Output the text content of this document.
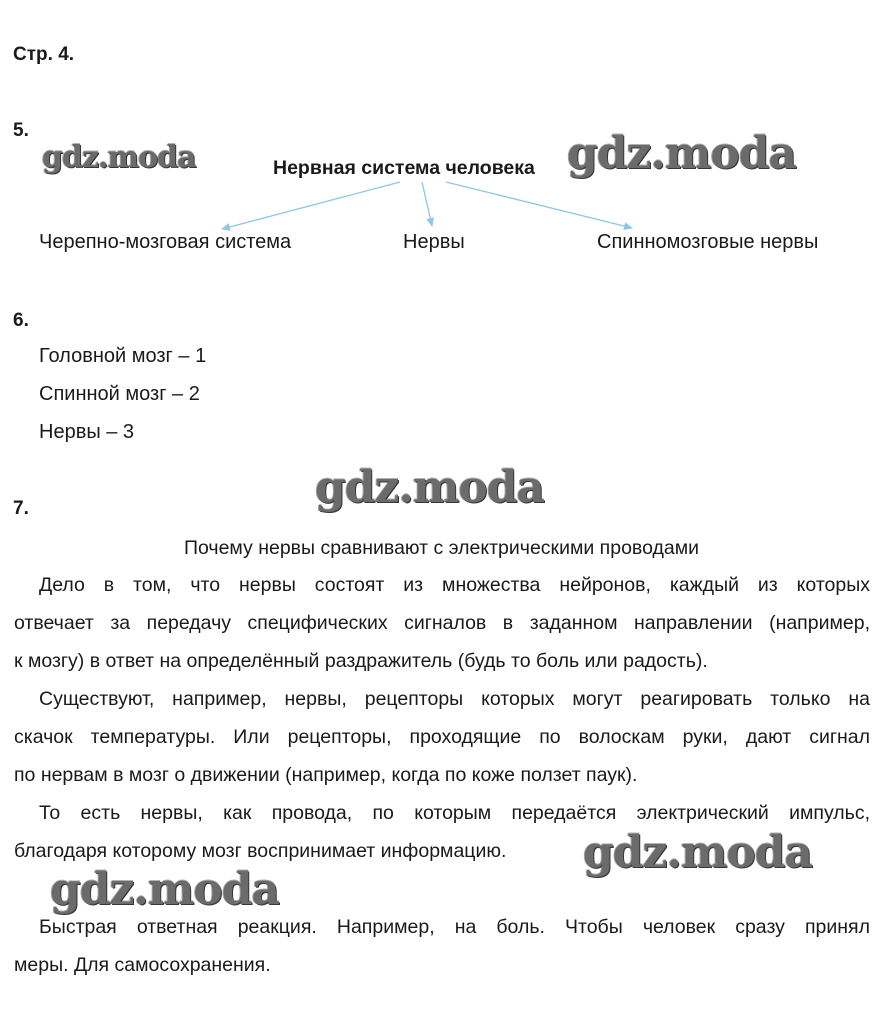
Стр. 4.
5.
Нервная система человека
Черепно-мозговая система	Нервы	Спинномозговые нервы
6.
Головной мозг – 1
Спинной мозг – 2
Нервы – 3
7.
Почему нервы сравнивают с электрическими проводами
Дело в том, что нервы состоят из множества нейронов, каждый из которых
отвечает за передачу специфических сигналов в заданном направлении (например,
к мозгу) в ответ на определённый раздражитель (будь то боль или радость).
Существуют, например, нервы, рецепторы которых могут реагировать только на
скачок температуры. Или рецепторы, проходящие по волоскам руки, дают сигнал
по нервам в мозг о движении (например, когда по коже ползет паук).
То есть нервы, как провода, по которым передаётся электрический импульс,
благодаря которому мозг воспринимает информацию.
Быстрая ответная реакция. Например, на боль. Чтобы человек сразу принял
меры. Для самосохранения.
gdz.moda	gdz.moda
gdz.moda
gdz.moda
gdz.moda
